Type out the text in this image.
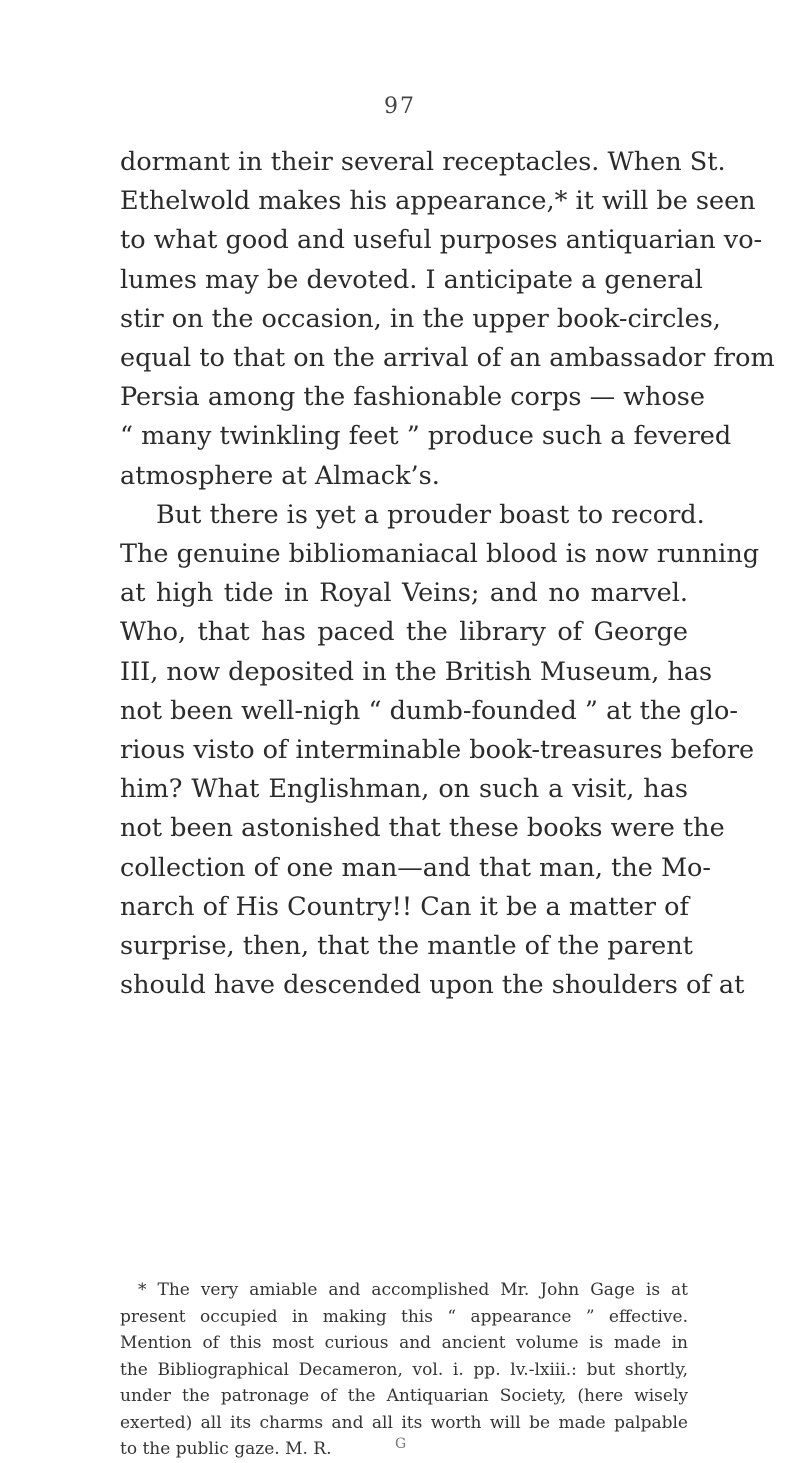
97
dormant in their several receptacles. When St.
Ethelwold makes his appearance,* it will be seen
to what good and useful purposes antiquarian vo-
lumes may be devoted. I anticipate a general
stir on the occasion, in the upper book-circles,
equal to that on the arrival of an ambassador from
Persia among the fashionable corps — whose
“ many twinkling feet ” produce such a fevered
atmosphere at Almack’s.
But there is yet a prouder boast to record.
The genuine bibliomaniacal blood is now running
at high tide in Royal Veins; and no marvel.
Who, that has paced the library of George
III, now deposited in the British Museum, has
not been well-nigh “ dumb-founded ” at the glo-
rious visto of interminable book-treasures before
him? What Englishman, on such a visit, has
not been astonished that these books were the
collection of one man—and that man, the Mo-
narch of His Country!! Can it be a matter of
surprise, then, that the mantle of the parent
should have descended upon the shoulders of at
* The very amiable and accomplished Mr. John Gage is at
present occupied in making this “ appearance ” effective.
Mention of this most curious and ancient volume is made in
the Bibliographical Decameron, vol. i. pp. lv.-lxiii.: but shortly,
under the patronage of the Antiquarian Society, (here wisely
exerted) all its charms and all its worth will be made palpable
to the public gaze. M. R.	G
